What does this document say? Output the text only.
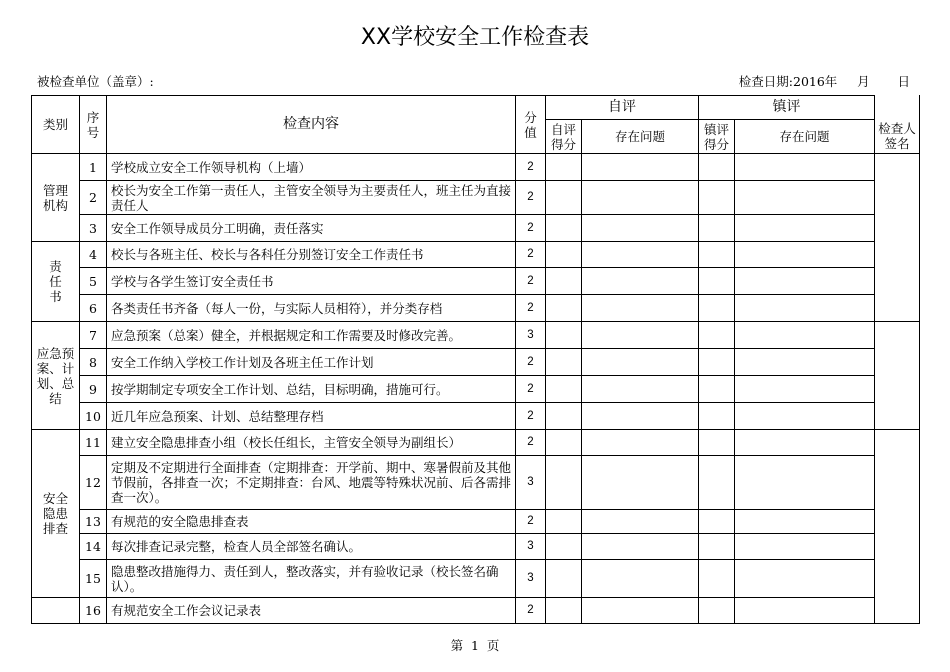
XX学校安全工作检查表
被检查单位（盖章）:	检查日期:2016年     月       日
类别	序号	检查内容	分值	自评		镇评		检查人签名
				自评得分	存在问题	镇评得分	存在问题	
管理机构	1	学校成立安全工作领导机构（上墙）	2					
	2	校长为安全工作第一责任人，主管安全领导为主要责任人，班主任为直接责任人	2					
	3	安全工作领导成员分工明确，责任落实	2					
责任书	4	校长与各班主任、校长与各科任分别签订安全工作责任书	2					
	5	学校与各学生签订安全责任书	2					
	6	各类责任书齐备（每人一份，与实际人员相符），并分类存档	2					
应急预案、计划、总结	7	应急预案（总案）健全，并根据规定和工作需要及时修改完善。	3					
	8	安全工作纳入学校工作计划及各班主任工作计划	2					
	9	按学期制定专项安全工作计划、总结，目标明确，措施可行。	2					
	10	近几年应急预案、计划、总结整理存档	2					
安全隐患排查	11	建立安全隐患排查小组（校长任组长，主管安全领导为副组长）	2					
	12	定期及不定期进行全面排查（定期排查：开学前、期中、寒暑假前及其他节假前，各排查一次；不定期排查：台风、地震等特殊状况前、后各需排查一次）。	3					
	13	有规范的安全隐患排查表	2					
	14	每次排查记录完整，检查人员全部签名确认。	3					
	15	隐患整改措施得力、责任到人，整改落实，并有验收记录（校长签名确认）。	3					
	16	有规范安全工作会议记录表	2					
第  1  页
